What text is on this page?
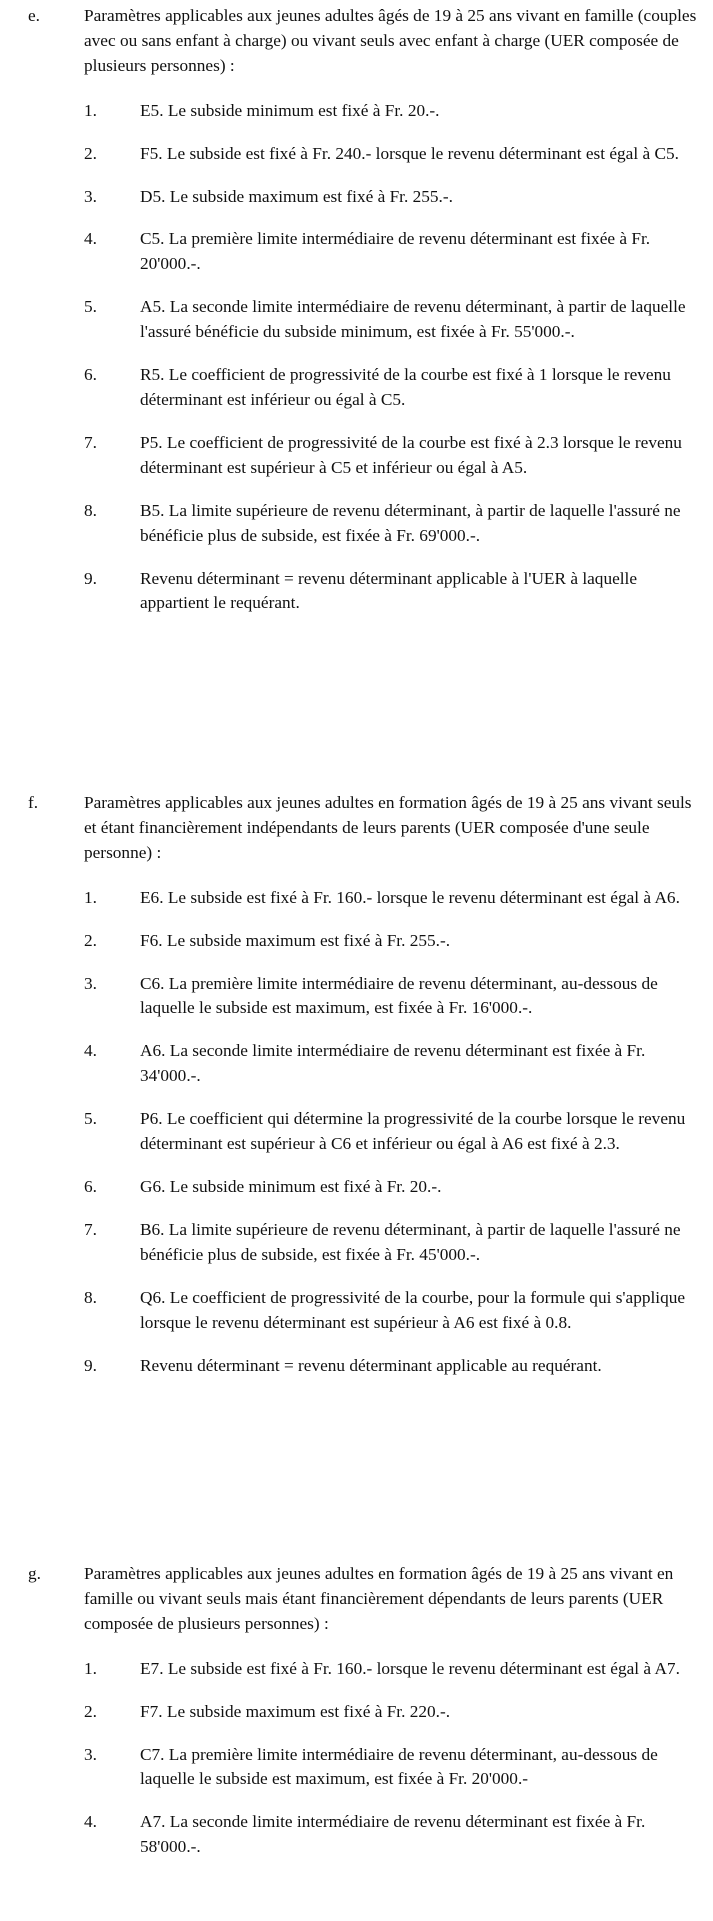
e.	Paramètres applicables aux jeunes adultes âgés de 19 à 25 ans vivant en famille (couples avec ou sans enfant à charge) ou vivant seuls avec enfant à charge (UER composée de plusieurs personnes) :
1. E5. Le subside minimum est fixé à Fr. 20.-.
2. F5. Le subside est fixé à Fr. 240.- lorsque le revenu déterminant est égal à C5.
3. D5. Le subside maximum est fixé à Fr. 255.-.
4. C5. La première limite intermédiaire de revenu déterminant est fixée à Fr. 20'000.-.
5. A5. La seconde limite intermédiaire de revenu déterminant, à partir de laquelle l'assuré bénéficie du subside minimum, est fixée à Fr. 55'000.-.
6. R5. Le coefficient de progressivité de la courbe est fixé à 1 lorsque le revenu déterminant est inférieur ou égal à C5.
7. P5. Le coefficient de progressivité de la courbe est fixé à 2.3 lorsque le revenu déterminant est supérieur à C5 et inférieur ou égal à A5.
8. B5. La limite supérieure de revenu déterminant, à partir de laquelle l'assuré ne bénéficie plus de subside, est fixée à Fr. 69'000.-.
9. Revenu déterminant = revenu déterminant applicable à l'UER à laquelle appartient le requérant.
f.	Paramètres applicables aux jeunes adultes en formation âgés de 19 à 25 ans vivant seuls et étant financièrement indépendants de leurs parents (UER composée d'une seule personne) :
1. E6. Le subside est fixé à Fr. 160.- lorsque le revenu déterminant est égal à A6.
2. F6. Le subside maximum est fixé à Fr. 255.-.
3. C6. La première limite intermédiaire de revenu déterminant, au-dessous de laquelle le subside est maximum, est fixée à Fr. 16'000.-.
4. A6. La seconde limite intermédiaire de revenu déterminant est fixée à Fr. 34'000.-.
5. P6. Le coefficient qui détermine la progressivité de la courbe lorsque le revenu déterminant est supérieur à C6 et inférieur ou égal à A6 est fixé à 2.3.
6. G6. Le subside minimum est fixé à Fr. 20.-.
7. B6. La limite supérieure de revenu déterminant, à partir de laquelle l'assuré ne bénéficie plus de subside, est fixée à Fr. 45'000.-.
8. Q6. Le coefficient de progressivité de la courbe, pour la formule qui s'applique lorsque le revenu déterminant est supérieur à A6 est fixé à 0.8.
9. Revenu déterminant = revenu déterminant applicable au requérant.
g. Paramètres applicables aux jeunes adultes en formation âgés de 19 à 25 ans vivant en famille ou vivant seuls mais étant financièrement dépendants de leurs parents (UER composée de plusieurs personnes) :
1. E7. Le subside est fixé à Fr. 160.- lorsque le revenu déterminant est égal à A7.
2. F7. Le subside maximum est fixé à Fr. 220.-.
3. C7. La première limite intermédiaire de revenu déterminant, au-dessous de laquelle le subside est maximum, est fixée à Fr. 20'000.-
4. A7. La seconde limite intermédiaire de revenu déterminant est fixée à Fr. 58'000.-.
